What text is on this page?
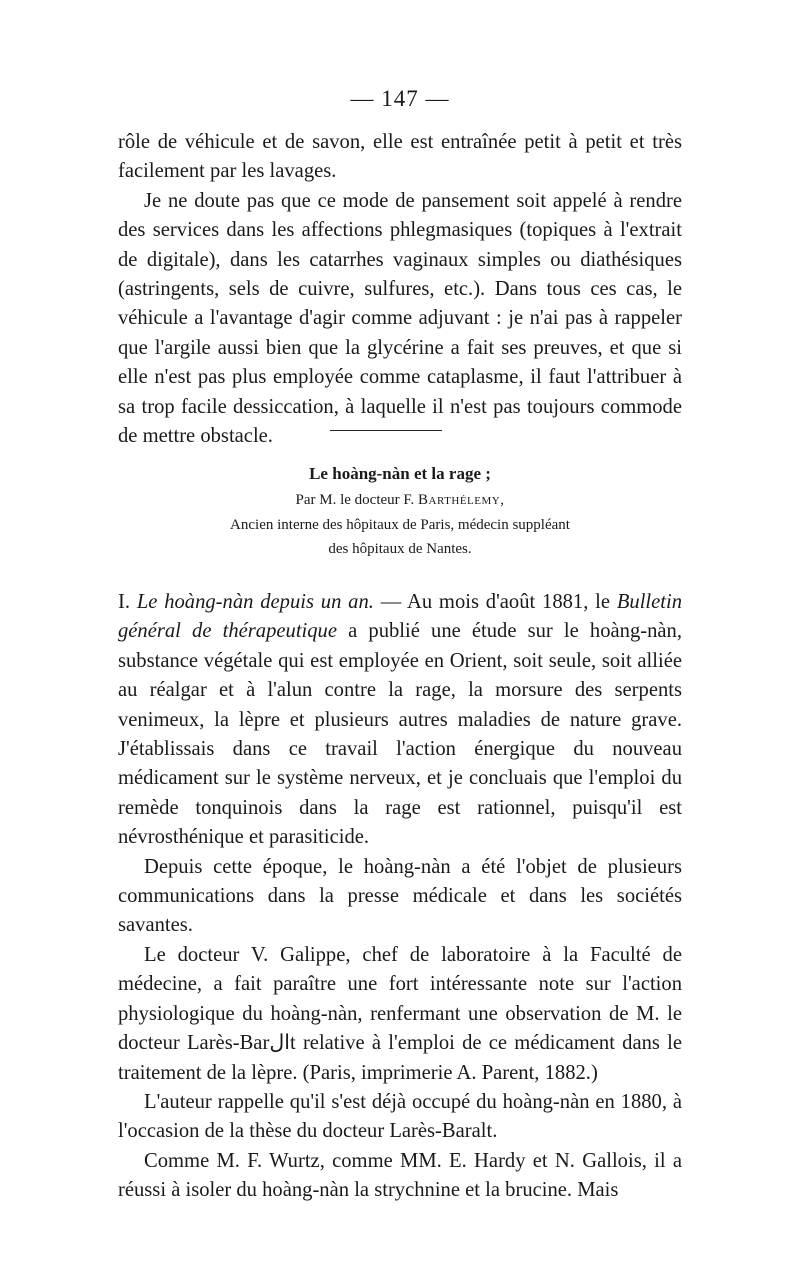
— 147 —

rôle de véhicule et de savon, elle est entraînée petit à petit et très facilement par les lavages.

Je ne doute pas que ce mode de pansement soit appelé à rendre des services dans les affections phlegmasiques (topiques à l'extrait de digitale), dans les catarrhes vaginaux simples ou diathésiques (astringents, sels de cuivre, sulfures, etc.). Dans tous ces cas, le véhicule a l'avantage d'agir comme adjuvant : je n'ai pas à rappeler que l'argile aussi bien que la glycérine a fait ses preuves, et que si elle n'est pas plus employée comme cataplasme, il faut l'attribuer à sa trop facile dessiccation, à laquelle il n'est pas toujours commode de mettre obstacle.

Le hoàng-nàn et la rage ;
Par M. le docteur F. Barthélemy,
Ancien interne des hôpitaux de Paris, médecin suppléant
des hôpitaux de Nantes.

I. Le hoàng-nàn depuis un an. — Au mois d'août 1881, le Bulletin général de thérapeutique a publié une étude sur le hoàng-nàn, substance végétale qui est employée en Orient, soit seule, soit alliée au réalgar et à l'alun contre la rage, la morsure des serpents venimeux, la lèpre et plusieurs autres maladies de nature grave. J'établissais dans ce travail l'action énergique du nouveau médicament sur le système nerveux, et je concluais que l'emploi du remède tonquinois dans la rage est rationnel, puisqu'il est névrosthénique et parasiticide.

Depuis cette époque, le hoàng-nàn a été l'objet de plusieurs communications dans la presse médicale et dans les sociétés savantes.

Le docteur V. Galippe, chef de laboratoire à la Faculté de médecine, a fait paraître une fort intéressante note sur l'action physiologique du hoàng-nàn, renfermant une observation de M. le docteur Larès-Barالt relative à l'emploi de ce médicament dans le traitement de la lèpre. (Paris, imprimerie A. Parent, 1882.)

L'auteur rappelle qu'il s'est déjà occupé du hoàng-nàn en 1880, à l'occasion de la thèse du docteur Larès-Baralt.

Comme M. F. Wurtz, comme MM. E. Hardy et N. Gallois, il a réussi à isoler du hoàng-nàn la strychnine et la brucine. Mais
